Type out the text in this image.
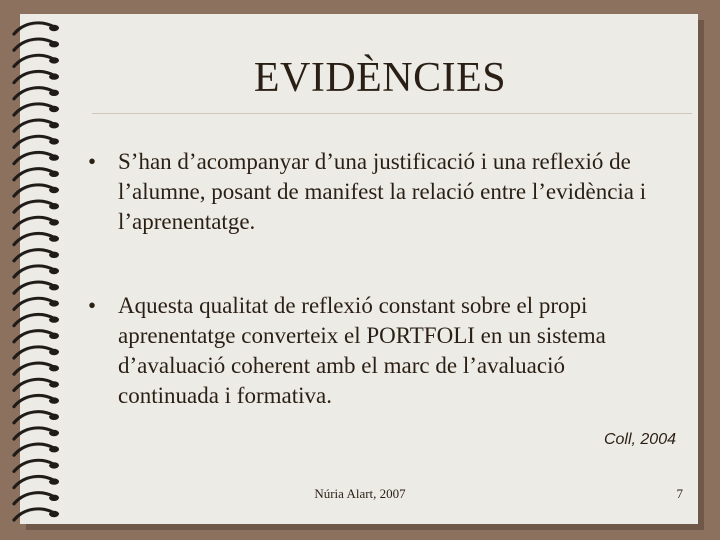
EVIDÈNCIES
• S’han d’acompanyar d’una justificació i una reflexió de l’alumne, posant de manifest la relació entre l’evidència i l’aprenentatge.
• Aquesta qualitat de reflexió constant sobre el propi aprenentatge converteix el PORTFOLI en un sistema d’avaluació coherent amb el marc de l’avaluació continuada i formativa.
Coll, 2004
Núria Alart, 2007	7
